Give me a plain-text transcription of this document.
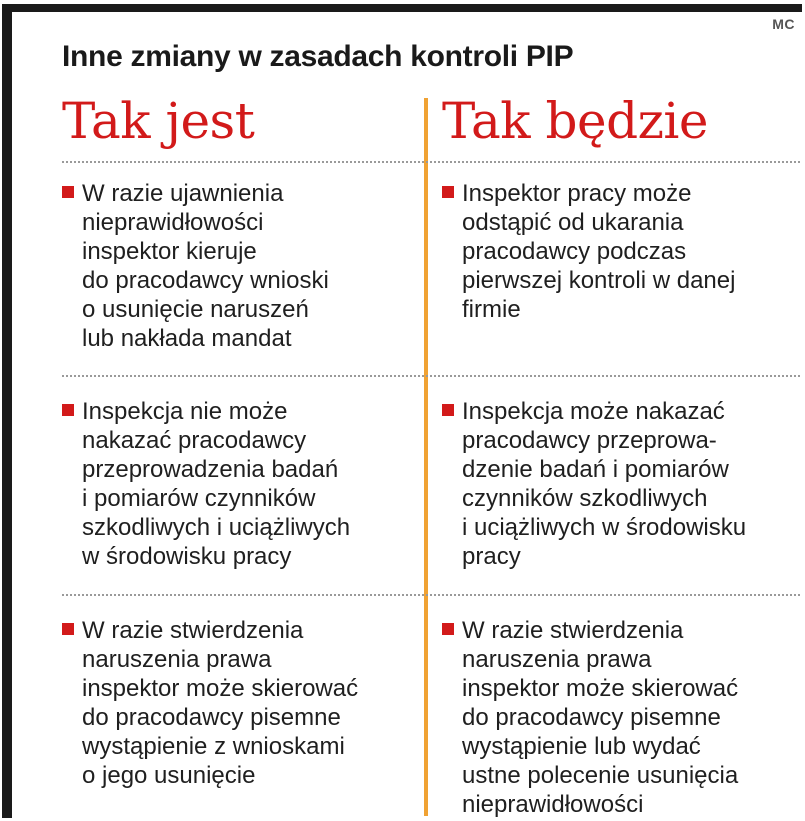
MC
Inne zmiany w zasadach kontroli PIP
Tak jest	Tak będzie
W razie ujawnienia
nieprawidłowości
inspektor kieruje
do pracodawcy wnioski
o usunięcie naruszeń
lub nakłada mandat
Inspektor pracy może
odstąpić od ukarania
pracodawcy podczas
pierwszej kontroli w danej
firmie
Inspekcja nie może
nakazać pracodawcy
przeprowadzenia badań
i pomiarów czynników
szkodliwych i uciążliwych
w środowisku pracy
Inspekcja może nakazać
pracodawcy przeprowa-
dzenie badań i pomiarów
czynników szkodliwych
i uciążliwych w środowisku
pracy
W razie stwierdzenia
naruszenia prawa
inspektor może skierować
do pracodawcy pisemne
wystąpienie z wnioskami
o jego usunięcie
W razie stwierdzenia
naruszenia prawa
inspektor może skierować
do pracodawcy pisemne
wystąpienie lub wydać
ustne polecenie usunięcia
nieprawidłowości
